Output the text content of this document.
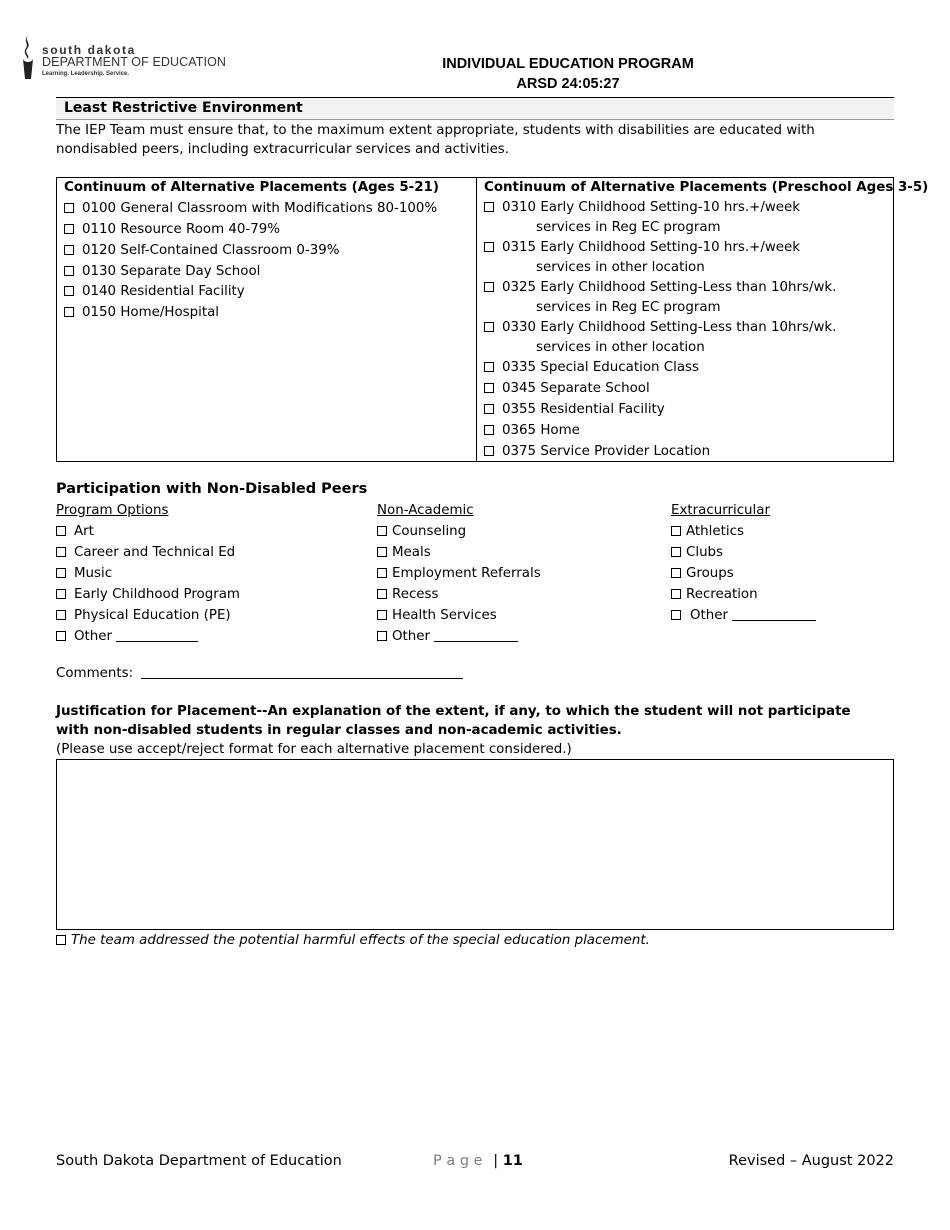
south dakota
DEPARTMENT OF EDUCATION
Learning. Leadership. Service.
INDIVIDUAL EDUCATION PROGRAM
ARSD 24:05:27
Least Restrictive Environment
The IEP Team must ensure that, to the maximum extent appropriate, students with disabilities are educated with nondisabled peers, including extracurricular services and activities.
Continuum of Alternative Placements (Ages 5-21)
0100 General Classroom with Modifications 80-100%
0110 Resource Room 40-79%
0120 Self-Contained Classroom 0-39%
0130 Separate Day School
0140 Residential Facility
0150 Home/Hospital
Continuum of Alternative Placements (Preschool Ages 3-5)
0310 Early Childhood Setting-10 hrs.+/week
services in Reg EC program
0315 Early Childhood Setting-10 hrs.+/week
services in other location
0325 Early Childhood Setting-Less than 10hrs/wk.
services in Reg EC program
0330 Early Childhood Setting-Less than 10hrs/wk.
services in other location
0335 Special Education Class
0345 Separate School
0355 Residential Facility
0365 Home
0375 Service Provider Location
Participation with Non-Disabled Peers
Program Options
Art
Career and Technical Ed
Music
Early Childhood Program
Physical Education (PE)
Other
Non-Academic
Counseling
Meals
Employment Referrals
Recess
Health Services
Other
Extracurricular
Athletics
Clubs
Groups
Recreation
Other
Comments:
Justification for Placement--An explanation of the extent, if any, to which the student will not participate with non-disabled students in regular classes and non-academic activities.
(Please use accept/reject format for each alternative placement considered.)
The team addressed the potential harmful effects of the special education placement.
South Dakota Department of Education	P a g e | 11	Revised – August 2022
